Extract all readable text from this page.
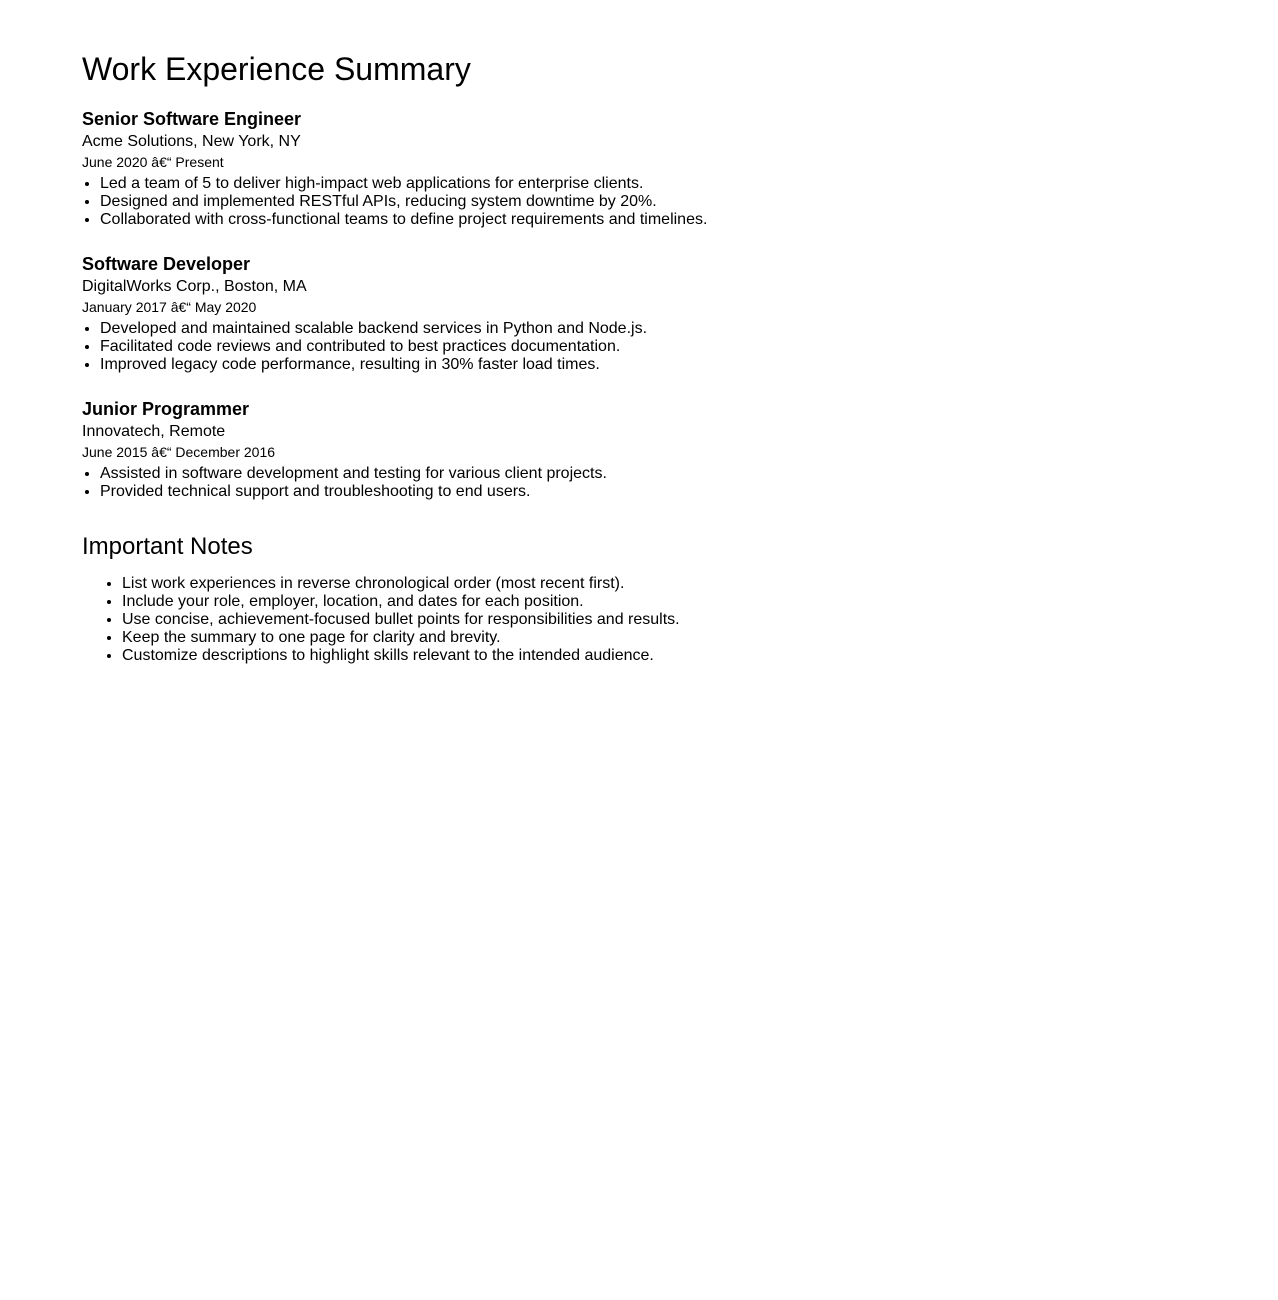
Work Experience Summary
Senior Software Engineer
Acme Solutions, New York, NY
June 2020 â€“ Present
• Led a team of 5 to deliver high-impact web applications for enterprise clients.
• Designed and implemented RESTful APIs, reducing system downtime by 20%.
• Collaborated with cross-functional teams to define project requirements and timelines.
Software Developer
DigitalWorks Corp., Boston, MA
January 2017 â€“ May 2020
• Developed and maintained scalable backend services in Python and Node.js.
• Facilitated code reviews and contributed to best practices documentation.
• Improved legacy code performance, resulting in 30% faster load times.
Junior Programmer
Innovatech, Remote
June 2015 â€“ December 2016
• Assisted in software development and testing for various client projects.
• Provided technical support and troubleshooting to end users.
Important Notes
• List work experiences in reverse chronological order (most recent first).
• Include your role, employer, location, and dates for each position.
• Use concise, achievement-focused bullet points for responsibilities and results.
• Keep the summary to one page for clarity and brevity.
• Customize descriptions to highlight skills relevant to the intended audience.
